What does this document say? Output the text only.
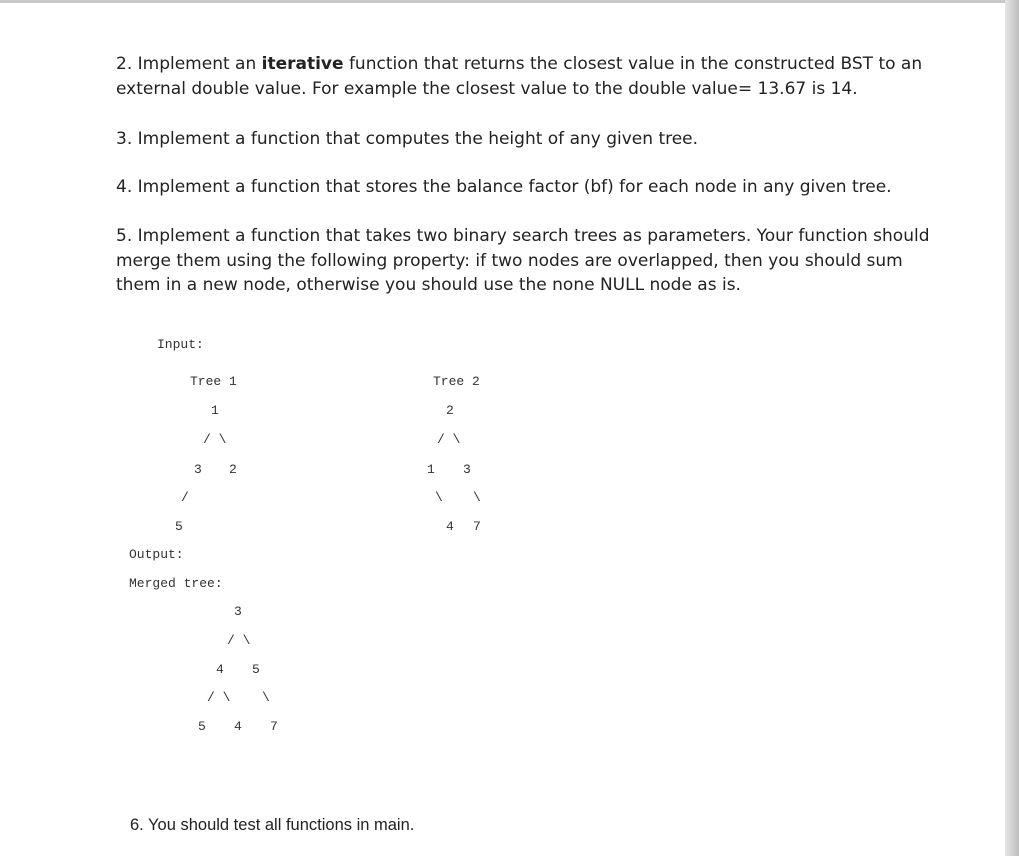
2. Implement an iterative function that returns the closest value in the constructed BST to an
external double value. For example the closest value to the double value= 13.67 is 14.

3. Implement a function that computes the height of any given tree.

4. Implement a function that stores the balance factor (bf) for each node in any given tree.

5. Implement a function that takes two binary search trees as parameters. Your function should
merge them using the following property: if two nodes are overlapped, then you should sum
them in a new node, otherwise you should use the none NULL node as is.

Input:
Tree 1
1
/ \
3 2
/
5
Tree 2
2
/ \
1 3
\ \
4 7
Output:
Merged tree:
3
/ \
4 5
/ \ \
5 4 7

6. You should test all functions in main.
